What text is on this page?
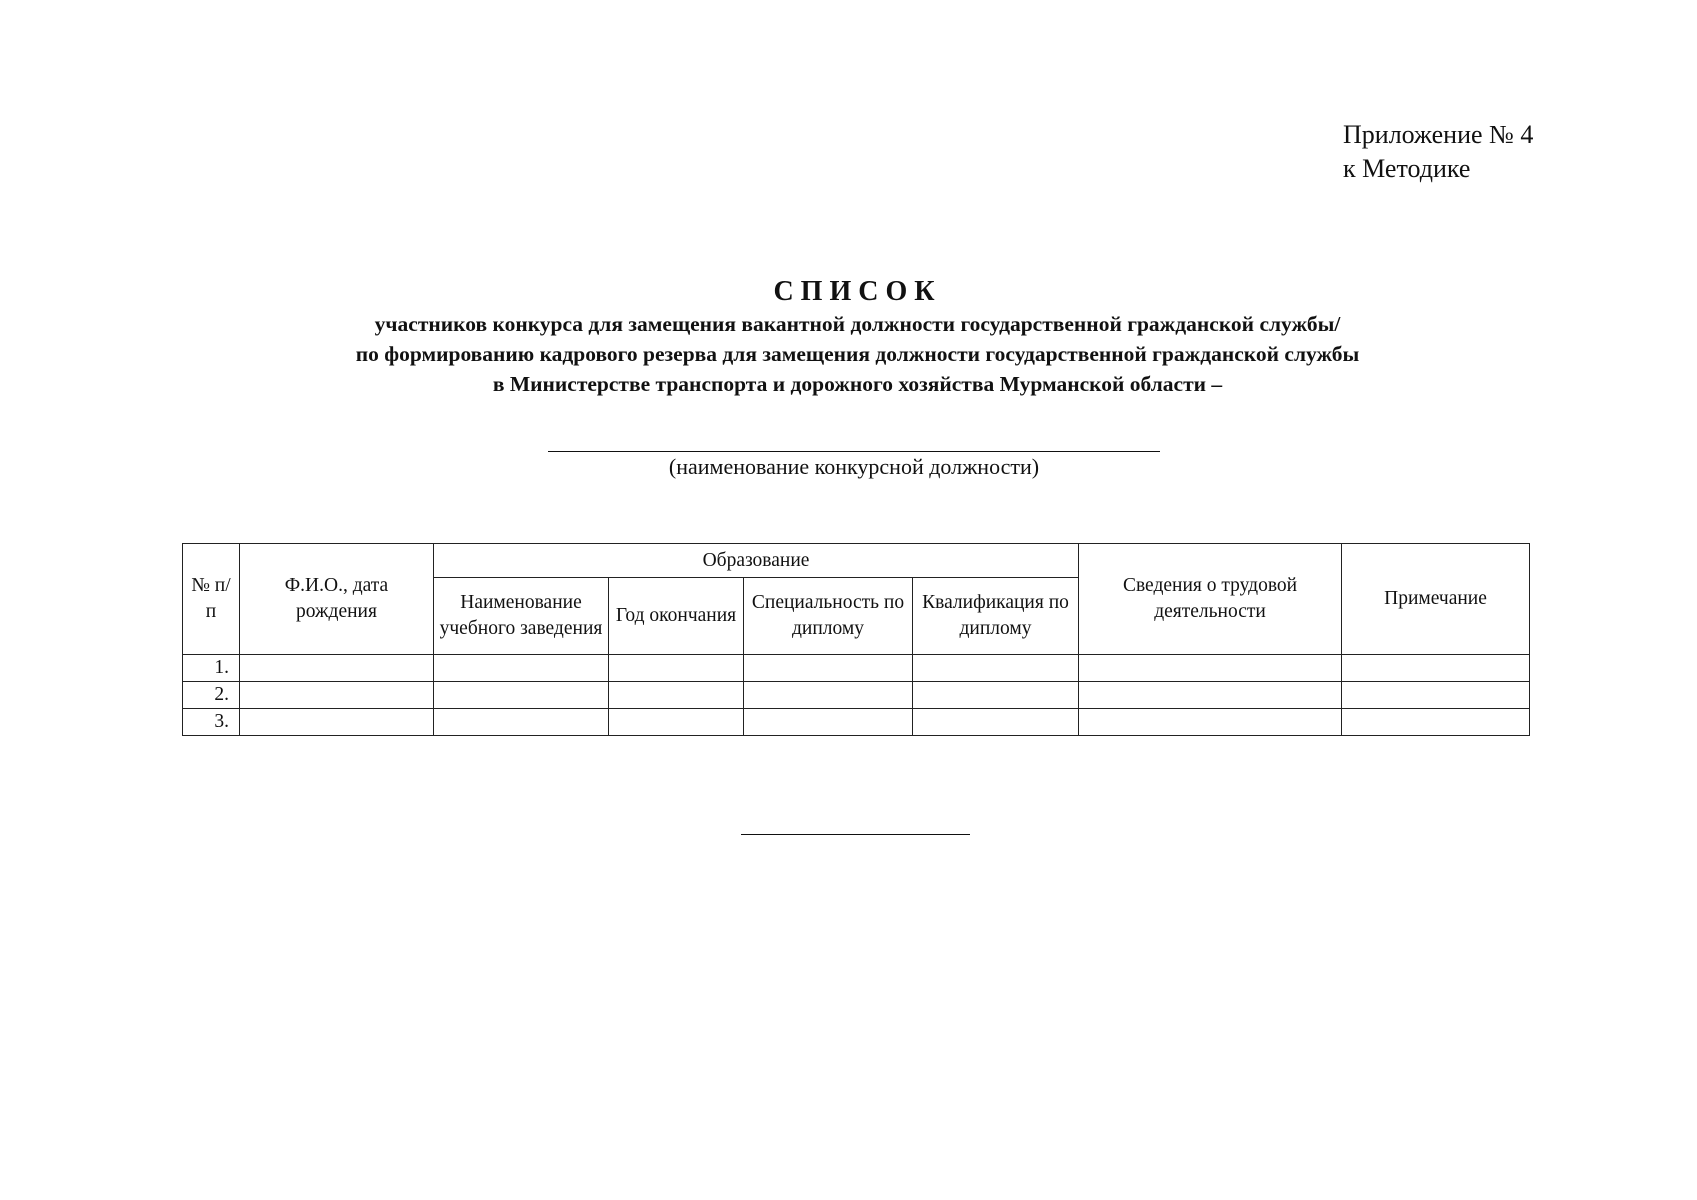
Приложение № 4
к Методике
СПИСОК
участников конкурса для замещения вакантной должности государственной гражданской службы/
по формированию кадрового резерва для замещения должности государственной гражданской службы
в Министерстве транспорта и дорожного хозяйства Мурманской области –
(наименование конкурсной должности)
№ п/п	Ф.И.О., дата рождения	Образование				Сведения о трудовой деятельности	Примечание
		Наименование учебного заведения	Год окончания	Специальность по диплому	Квалификация по диплому		
1.							
2.							
3.							
